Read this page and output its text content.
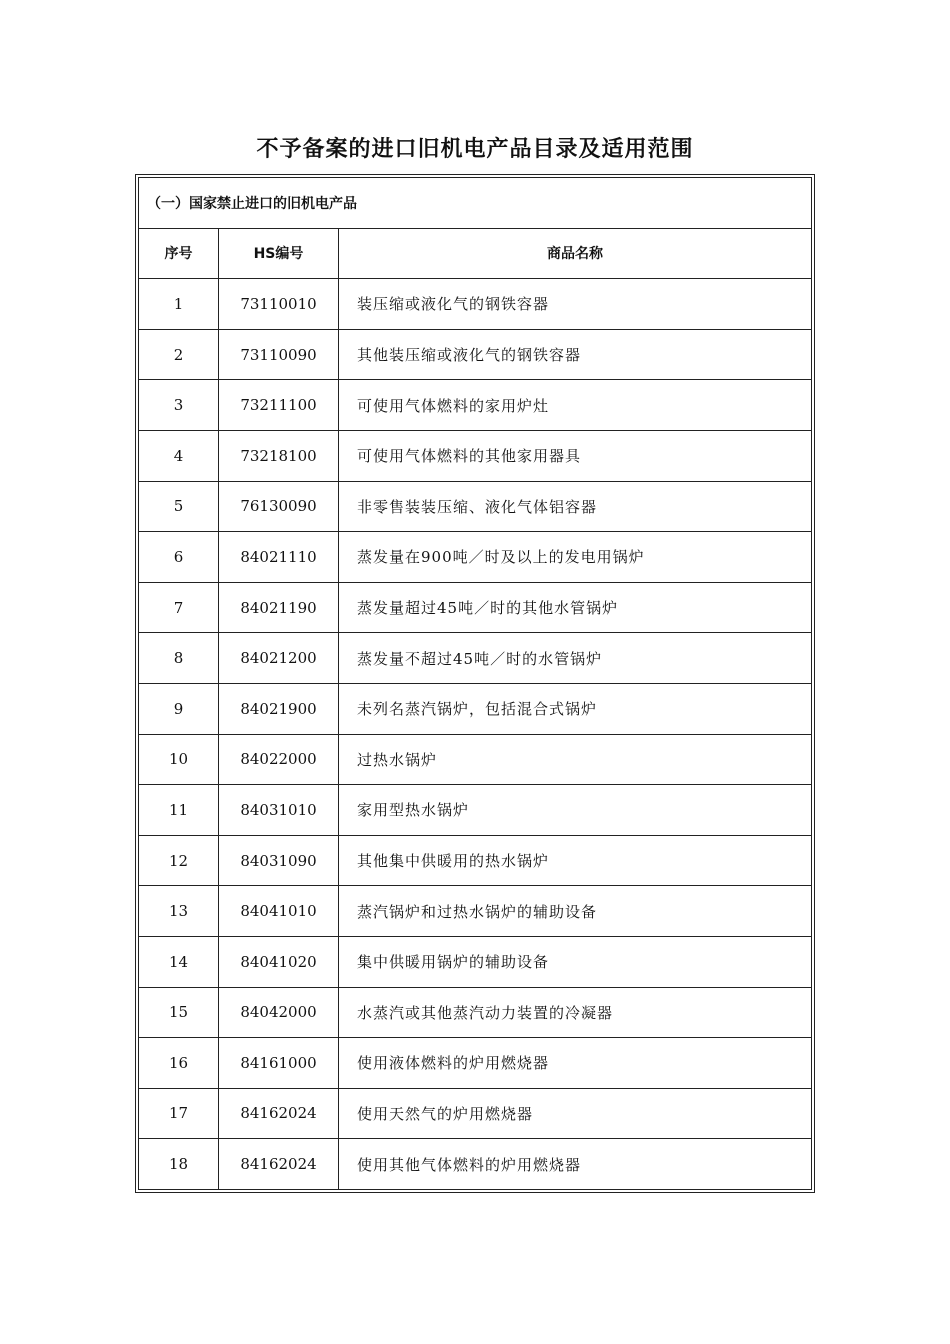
不予备案的进口旧机电产品目录及适用范围
（一）国家禁止进口的旧机电产品		
序号	HS编号	商品名称
1	73110010	装压缩或液化气的钢铁容器
2	73110090	其他装压缩或液化气的钢铁容器
3	73211100	可使用气体燃料的家用炉灶
4	73218100	可使用气体燃料的其他家用器具
5	76130090	非零售装装压缩、液化气体铝容器
6	84021110	蒸发量在900吨／时及以上的发电用锅炉
7	84021190	蒸发量超过45吨／时的其他水管锅炉
8	84021200	蒸发量不超过45吨／时的水管锅炉
9	84021900	未列名蒸汽锅炉，包括混合式锅炉
10	84022000	过热水锅炉
11	84031010	家用型热水锅炉
12	84031090	其他集中供暖用的热水锅炉
13	84041010	蒸汽锅炉和过热水锅炉的辅助设备
14	84041020	集中供暖用锅炉的辅助设备
15	84042000	水蒸汽或其他蒸汽动力装置的冷凝器
16	84161000	使用液体燃料的炉用燃烧器
17	84162024	使用天然气的炉用燃烧器
18	84162024	使用其他气体燃料的炉用燃烧器
